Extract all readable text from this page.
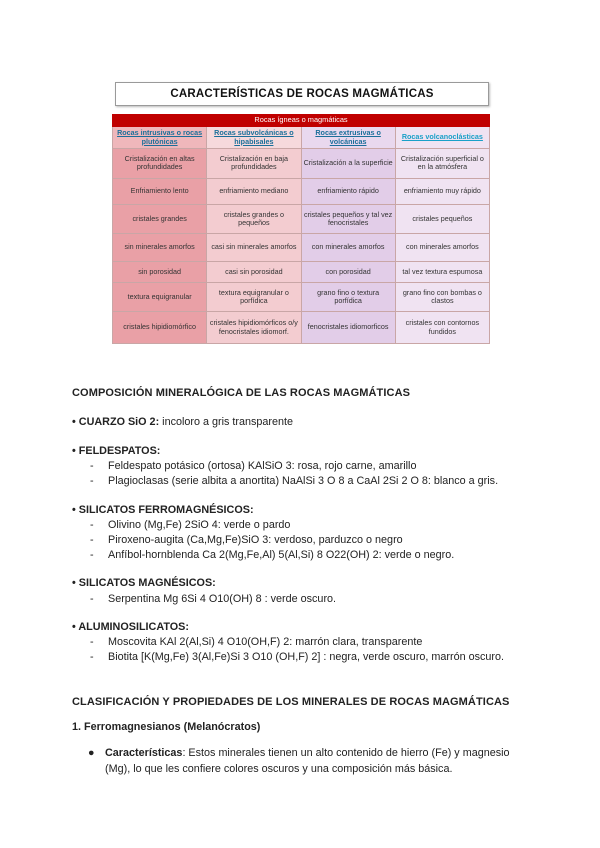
CARACTERÍSTICAS DE ROCAS MAGMÁTICAS
Rocas ígneas o magmáticas			
Rocas intrusivas o rocas plutónicas	Rocas subvolcánicas o hipabisales	Rocas extrusivas o volcánicas	Rocas volcanoclásticas
Cristalización en altas profundidades	Cristalización en baja profundidades	Cristalización a la superficie	Cristalización superficial o en la atmósfera
Enfriamiento lento	enfriamiento mediano	enfriamiento rápido	enfriamiento muy rápido
cristales grandes	cristales grandes o pequeños	cristales pequeños y tal vez fenocristales	cristales pequeños
sin minerales amorfos	casi sin minerales amorfos	con minerales amorfos	con minerales amorfos
sin porosidad	casi sin porosidad	con porosidad	tal vez textura espumosa
textura equigranular	textura equigranular o porfídica	grano fino o textura porfídica	grano fino con bombas o clastos
cristales hipidiomórfico	cristales hipidiomórficos o/y fenocristales idiomorf.	fenocristales idiomorficos	cristales con contornos fundidos
COMPOSICIÓN MINERALÓGICA DE LAS ROCAS MAGMÁTICAS
• CUARZO SiO 2: incoloro a gris transparente
• FELDESPATOS:
- Feldespato potásico (ortosa) KAlSiO 3: rosa, rojo carne, amarillo
- Plagioclasas (serie albita a anortita) NaAlSi 3 O 8 a CaAl 2Si 2 O 8: blanco a gris.
• SILICATOS FERROMAGNÉSICOS:
- Olivino (Mg,Fe) 2SiO 4: verde o pardo
- Piroxeno-augita (Ca,Mg,Fe)SiO 3: verdoso, parduzco o negro
- Anfíbol-hornblenda Ca 2(Mg,Fe,Al) 5(Al,Si) 8 O22(OH) 2: verde o negro.
• SILICATOS MAGNÉSICOS:
- Serpentina Mg 6Si 4 O10(OH) 8 : verde oscuro.
• ALUMINOSILICATOS:
- Moscovita KAl 2(Al,Si) 4 O10(OH,F) 2: marrón clara, transparente
- Biotita [K(Mg,Fe) 3(Al,Fe)Si 3 O10 (OH,F) 2] : negra, verde oscuro, marrón oscuro.
CLASIFICACIÓN Y PROPIEDADES DE LOS MINERALES DE ROCAS MAGMÁTICAS
1. Ferromagnesianos (Melanócratos)
● Características: Estos minerales tienen un alto contenido de hierro (Fe) y magnesio (Mg), lo que les confiere colores oscuros y una composición más básica.
